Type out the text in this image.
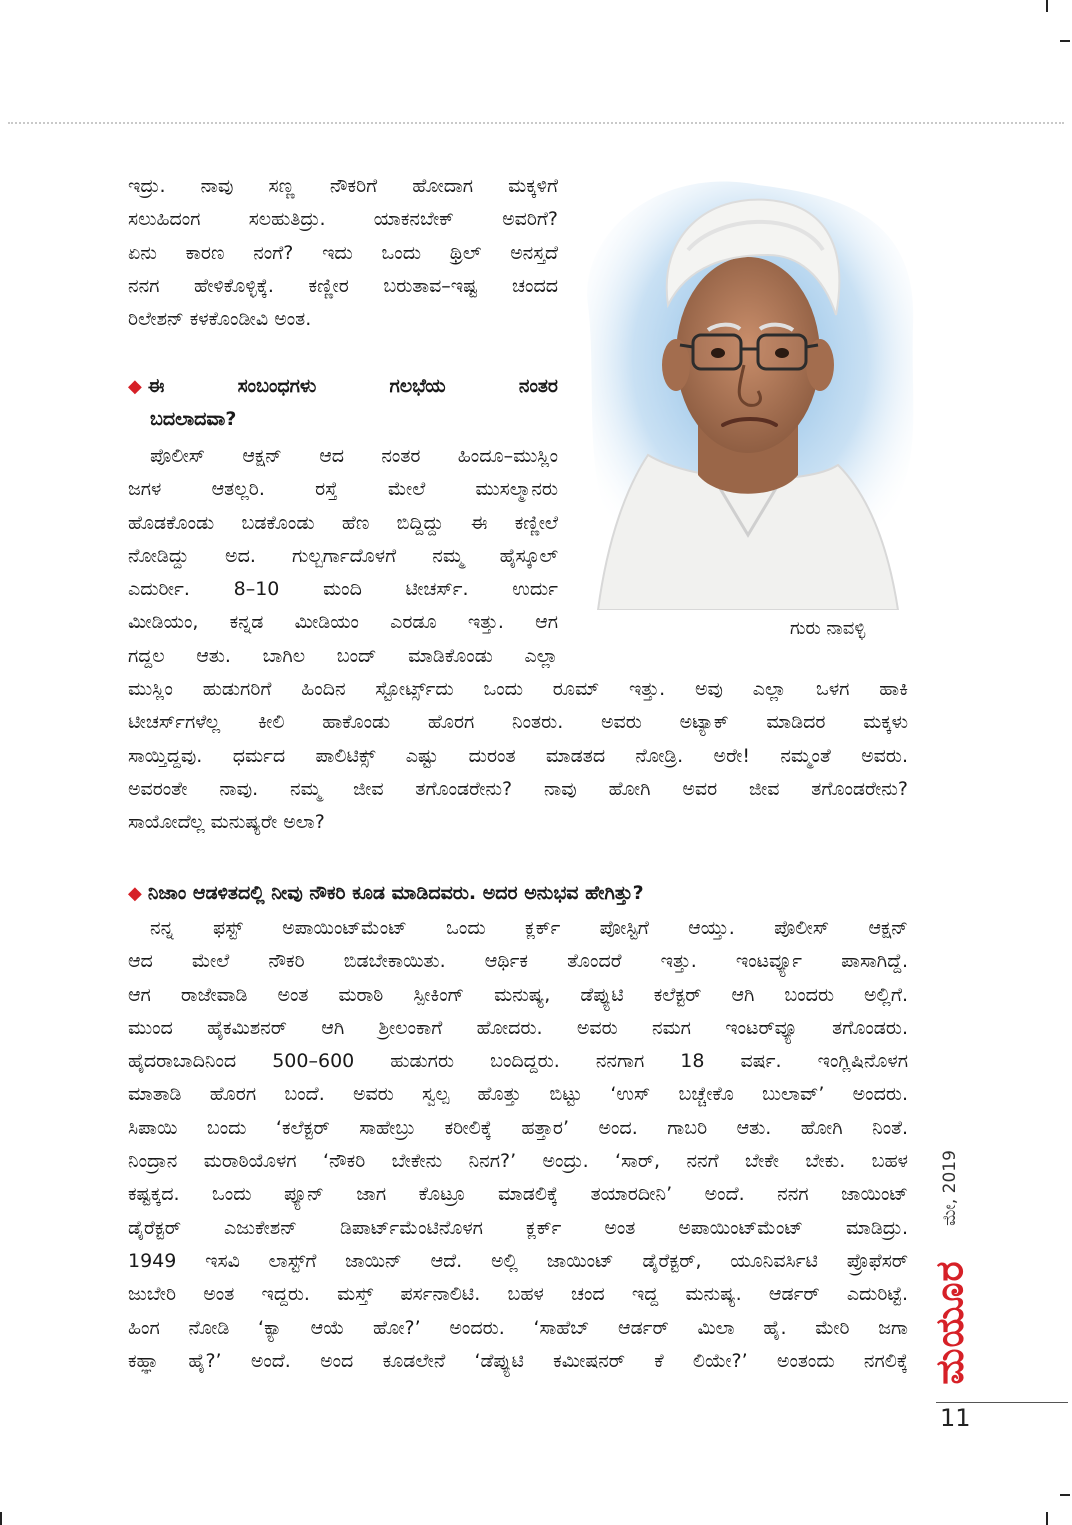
ಇದ್ರು. ನಾವು ಸಣ್ಣ ನೌಕರಿಗೆ ಹೋದಾಗ ಮಕ್ಕಳಿಗೆ
ಸಲುಹಿದಂಗ ಸಲಹುತಿದ್ರು. ಯಾಕನಬೇಕ್ ಅವರಿಗೆ?
ಏನು ಕಾರಣ ನಂಗೆ? ಇದು ಒಂದು ಥ್ರಿಲ್ ಅನಸ್ತದೆ
ನನಗ ಹೇಳಿಕೊಳ್ಳಿಕ್ಕೆ. ಕಣ್ಣೀರ ಬರುತಾವ–ಇಷ್ಟ ಚಂದದ
ರಿಲೇಶನ್ ಕಳಕೊಂಡೀವಿ ಅಂತ.
◆ ಈ ಸಂಬಂಧಗಳು ಗಲಭೆಯ ನಂತರ
ಬದಲಾದವಾ?
ಪೊಲೀಸ್ ಆಕ್ಷನ್ ಆದ ನಂತರ ಹಿಂದೂ–ಮುಸ್ಲಿಂ
ಜಗಳ ಆತಲ್ಲರಿ. ರಸ್ತೆ ಮೇಲೆ ಮುಸಲ್ಮಾನರು
ಹೊಡಕೊಂಡು ಬಡಕೊಂಡು ಹೆಣ ಬಿದ್ದಿದ್ದು ಈ ಕಣ್ಣೀಲೆ
ನೋಡಿದ್ದು ಅದ. ಗುಲ್ಬರ್ಗಾದೊಳಗೆ ನಮ್ಮ ಹೈಸ್ಕೂಲ್
ಎದುರ್ರೀ. 8–10 ಮಂದಿ ಟೀಚರ್ಸ್. ಉರ್ದು
ಮೀಡಿಯಂ, ಕನ್ನಡ ಮೀಡಿಯಂ ಎರಡೂ ಇತ್ತು. ಆಗ
ಗದ್ದಲ ಆತು. ಬಾಗಿಲ ಬಂದ್ ಮಾಡಿಕೊಂಡು ಎಲ್ಲಾ
ಗುರು ನಾವಳ್ಳಿ
ಮುಸ್ಲಿಂ ಹುಡುಗರಿಗೆ ಹಿಂದಿನ ಸ್ಟೋರ್ಟ್ಸ್‌ದು ಒಂದು ರೂಮ್ ಇತ್ತು. ಅವು ಎಲ್ಲಾ ಒಳಗ ಹಾಕಿ
ಟೀಚರ್ಸ್‌ಗಳೆಲ್ಲ ಕೀಲಿ ಹಾಕೊಂಡು ಹೊರಗ ನಿಂತರು. ಅವರು ಅಟ್ಯಾಕ್ ಮಾಡಿದರ ಮಕ್ಕಳು
ಸಾಯ್ತಿದ್ದವು. ಧರ್ಮದ ಪಾಲಿಟಿಕ್ಸ್ ಎಷ್ಟು ದುರಂತ ಮಾಡತದ ನೋಡ್ರಿ. ಅರೇ! ನಮ್ಮಂತೆ ಅವರು.
ಅವರಂತೇ ನಾವು. ನಮ್ಮ ಜೀವ ತಗೊಂಡರೇನು? ನಾವು ಹೋಗಿ ಅವರ ಜೀವ ತಗೊಂಡರೇನು?
ಸಾಯೋದೆಲ್ಲ ಮನುಷ್ಯರೇ ಅಲಾ?
◆ ನಿಜಾಂ ಆಡಳಿತದಲ್ಲಿ ನೀವು ನೌಕರಿ ಕೂಡ ಮಾಡಿದವರು. ಅದರ ಅನುಭವ ಹೇಗಿತ್ತು?
ನನ್ನ ಫಸ್ಟ್ ಅಪಾಯಿಂಟ್‌ಮೆಂಟ್ ಒಂದು ಕ್ಲರ್ಕ್ ಪೋಸ್ಟಿಗೆ ಆಯ್ತು. ಪೊಲೀಸ್ ಆಕ್ಷನ್
ಆದ ಮೇಲೆ ನೌಕರಿ ಬಿಡಬೇಕಾಯಿತು. ಆರ್ಥಿಕ ತೊಂದರೆ ಇತ್ತು. ಇಂಟರ್ವ್ಯೂ ಪಾಸಾಗಿದ್ದೆ.
ಆಗ ರಾಜೇವಾಡಿ ಅಂತ ಮರಾಠಿ ಸ್ಪೀಕಿಂಗ್ ಮನುಷ್ಯ, ಡೆಪ್ಯುಟಿ ಕಲೆಕ್ಟರ್ ಆಗಿ ಬಂದರು ಅಲ್ಲಿಗೆ.
ಮುಂದ ಹೈಕಮಿಶನರ್ ಆಗಿ ಶ್ರೀಲಂಕಾಗೆ ಹೋದರು. ಅವರು ನಮಗ ಇಂಟರ್‌ವ್ಯೂ ತಗೊಂಡರು.
ಹೈದರಾಬಾದಿನಿಂದ 500–600 ಹುಡುಗರು ಬಂದಿದ್ದರು. ನನಗಾಗ 18 ವರ್ಷ. ಇಂಗ್ಲಿಷಿನೊಳಗ
ಮಾತಾಡಿ ಹೊರಗ ಬಂದೆ. ಅವರು ಸ್ವಲ್ಪ ಹೊತ್ತು ಬಿಟ್ಟು ‘ಉಸ್ ಬಚ್ಚೇಕೊ ಬುಲಾವ್’ ಅಂದರು.
ಸಿಪಾಯಿ ಬಂದು ‘ಕಲೆಕ್ಟರ್ ಸಾಹೇಬ್ರು ಕರೀಲಿಕ್ಕೆ ಹತ್ತಾರ’ ಅಂದ. ಗಾಬರಿ ಆತು. ಹೋಗಿ ನಿಂತೆ.
ನಿಂದ್ರಾನ ಮರಾಠಿಯೊಳಗ ‘ನೌಕರಿ ಬೇಕೇನು ನಿನಗ?’ ಅಂದ್ರು. ‘ಸಾರ್, ನನಗೆ ಬೇಕೇ ಬೇಕು. ಬಹಳ
ಕಷ್ಟಕ್ಕದ. ಒಂದು ಪ್ಯೂನ್ ಜಾಗ ಕೊಟ್ರೂ ಮಾಡಲಿಕ್ಕೆ ತಯಾರದೀನಿ’ ಅಂದೆ. ನನಗ ಜಾಯಿಂಟ್
ಡೈರೆಕ್ಟರ್ ಎಜುಕೇಶನ್ ಡಿಪಾರ್ಟ್‌ಮೆಂಟಿನೊಳಗ ಕ್ಲರ್ಕ್ ಅಂತ ಅಪಾಯಿಂಟ್‌ಮೆಂಟ್ ಮಾಡಿದ್ರು.
1949 ಇಸವಿ ಲಾಸ್ಟ್‌ಗೆ ಜಾಯಿನ್ ಆದೆ. ಅಲ್ಲಿ ಜಾಯಿಂಟ್ ಡೈರೆಕ್ಟರ್, ಯೂನಿವರ್ಸಿಟಿ ಪ್ರೊಫೆಸರ್
ಜುಬೇರಿ ಅಂತ ಇದ್ದರು. ಮಸ್ತ್ ಪರ್ಸನಾಲಿಟಿ. ಬಹಳ ಚಂದ ಇದ್ದ ಮನುಷ್ಯ. ಆರ್ಡರ್ ಎದುರಿಟ್ಟೆ.
ಹಿಂಗ ನೋಡಿ ‘ಕ್ಯಾ ಆಯೆ ಹೋ?’ ಅಂದರು. ‘ಸಾಹೆಬ್ ಆರ್ಡರ್ ಮಿಲಾ ಹೈ. ಮೇರಿ ಜಗಾ
ಕಹ್ಞಾ ಹೈ?’ ಅಂದೆ. ಅಂದ ಕೂಡಲೇನೆ ‘ಡೆಪ್ಯುಟಿ ಕಮೀಷನರ್ ಕೆ ಲಿಯೇ?’ ಅಂತಂದು ನಗಲಿಕ್ಕೆ
ಮೇ, 2019
ಮಯೂರ
11
